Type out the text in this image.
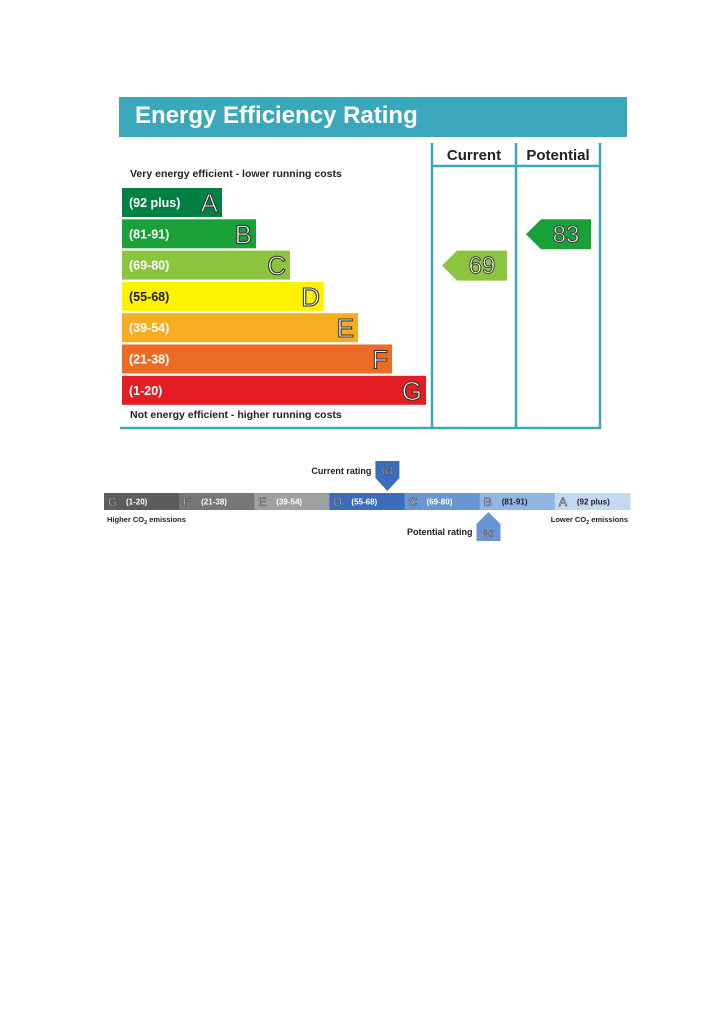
Energy Efficiency Rating
Current Potential
Very energy efficient - lower running costs
Not energy efficient - higher running costs
(92 plus) A
(81-91)	B
(69-80)	C
(55-68)	D
(39-54)	E
(21-38)	F
(1-20)	G
69
83
G (1-20)	F (21-38)	E (39-54)	D (55-68)	C (69-80)	B (81-91)	A (92 plus)
63
Current rating
80
Potential rating
Higher $CO_2$ emissions	Lower $CO_2$ emissions
